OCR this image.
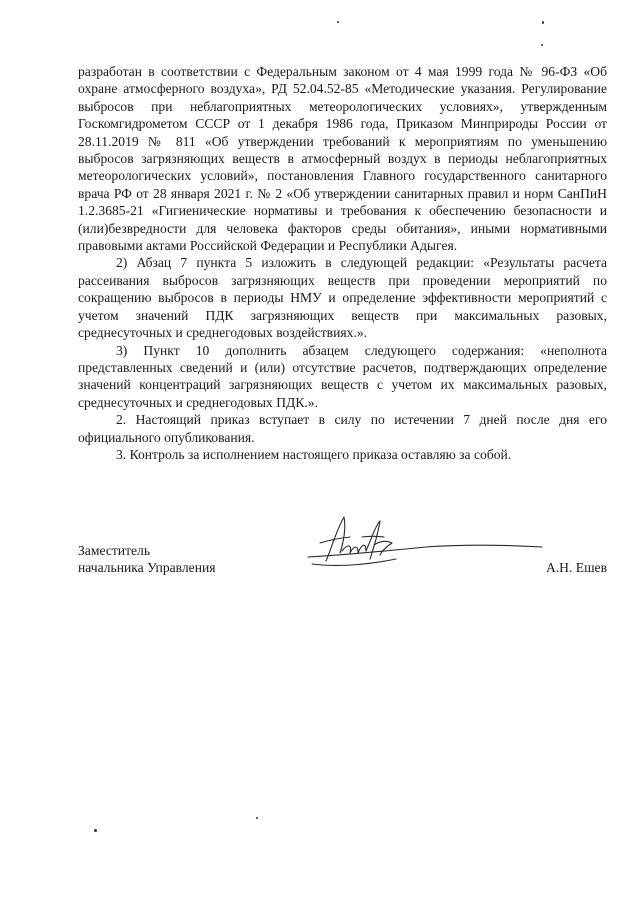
разработан в соответствии с Федеральным законом от 4 мая 1999 года № 96-ФЗ «Об охране атмосферного воздуха», РД 52.04.52-85 «Методические указания. Регулирование выбросов при неблагоприятных метеорологических условиях», утвержденным Госкомгидрометом СССР от 1 декабря 1986 года, Приказом Минприроды России от 28.11.2019 № 811 «Об утверждении требований к мероприятиям по уменьшению выбросов загрязняющих веществ в атмосферный воздух в периоды неблагоприятных метеорологических условий», постановления Главного государственного санитарного врача РФ от 28 января 2021 г. № 2 «Об утверждении санитарных правил и норм СанПиН 1.2.3685-21 «Гигиенические нормативы и требования к обеспечению безопасности и (или)безвредности для человека факторов среды обитания», иными нормативными правовыми актами Российской Федерации и Республики Адыгея.

2) Абзац 7 пункта 5 изложить в следующей редакции: «Результаты расчета рассеивания выбросов загрязняющих веществ при проведении мероприятий по сокращению выбросов в периоды НМУ и определение эффективности мероприятий с учетом значений ПДК загрязняющих веществ при максимальных разовых, среднесуточных и среднегодовых воздействиях.».

3) Пункт 10 дополнить абзацем следующего содержания: «неполнота представленных сведений и (или) отсутствие расчетов, подтверждающих определение значений концентраций загрязняющих веществ с учетом их максимальных разовых, среднесуточных и среднегодовых ПДК.».

2. Настоящий приказ вступает в силу по истечении 7 дней после дня его официального опубликования.

3. Контроль за исполнением настоящего приказа оставляю за собой.

Заместитель
начальника Управления	А.Н. Ешев
